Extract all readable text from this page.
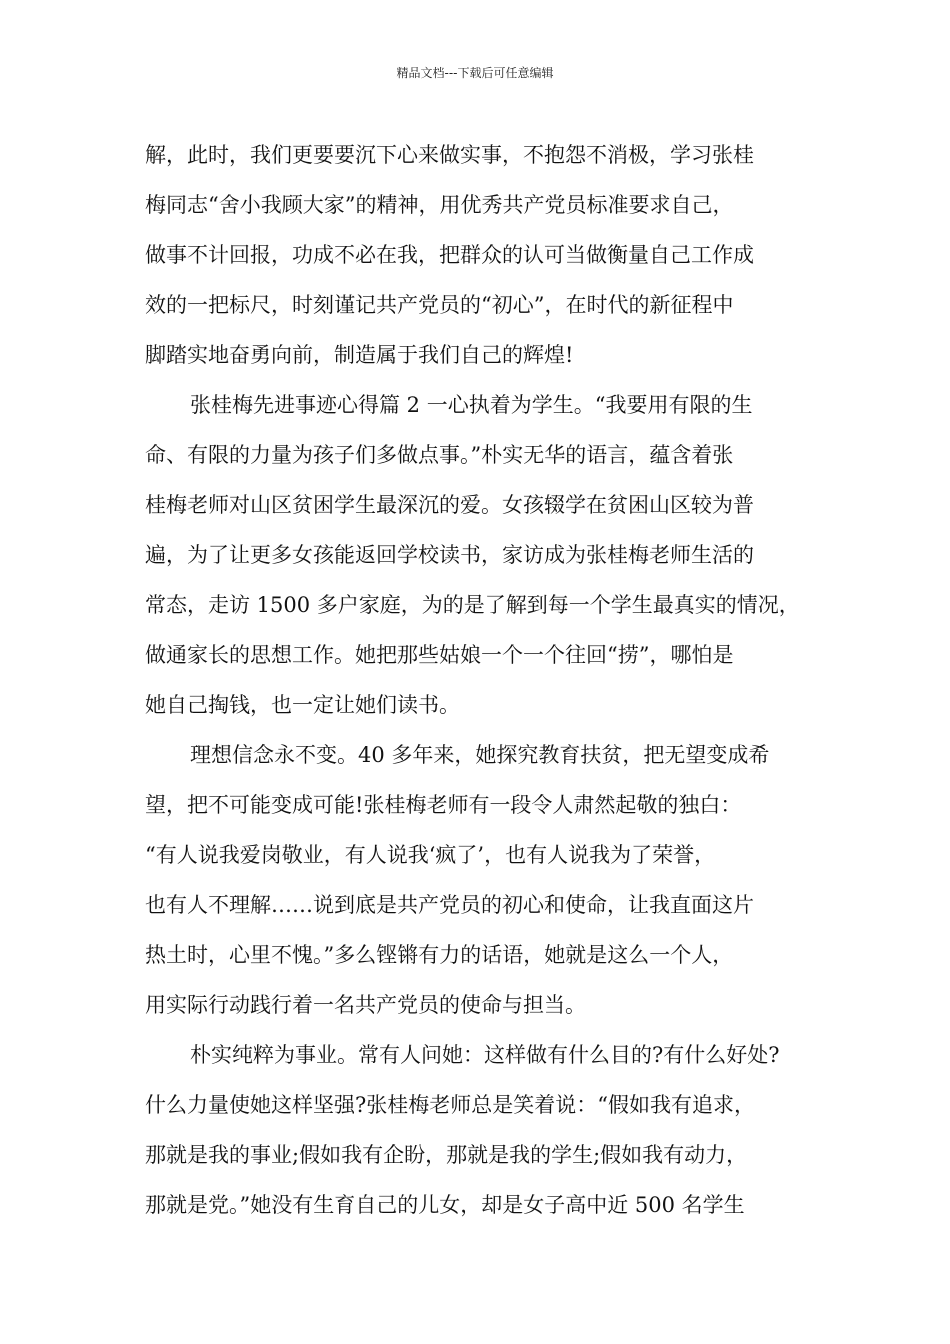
精品文档---下载后可任意编辑
解，此时，我们更要要沉下心来做实事，不抱怨不消极，学习张桂
梅同志“舍小我顾大家”的精神，用优秀共产党员标准要求自己，
做事不计回报，功成不必在我，把群众的认可当做衡量自己工作成
效的一把标尺，时刻谨记共产党员的“初心”，在时代的新征程中
脚踏实地奋勇向前，制造属于我们自己的辉煌!
张桂梅先进事迹心得篇 2 一心执着为学生。“我要用有限的生
命、有限的力量为孩子们多做点事。”朴实无华的语言，蕴含着张
桂梅老师对山区贫困学生最深沉的爱。女孩辍学在贫困山区较为普
遍，为了让更多女孩能返回学校读书，家访成为张桂梅老师生活的
常态，走访 1500 多户家庭，为的是了解到每一个学生最真实的情况，
做通家长的思想工作。她把那些姑娘一个一个往回“捞”，哪怕是
她自己掏钱，也一定让她们读书。
理想信念永不变。40 多年来，她探究教育扶贫，把无望变成希
望，把不可能变成可能!张桂梅老师有一段令人肃然起敬的独白：
“有人说我爱岗敬业，有人说我‘疯了’，也有人说我为了荣誉，
也有人不理解……说到底是共产党员的初心和使命，让我直面这片
热土时，心里不愧。”多么铿锵有力的话语，她就是这么一个人，
用实际行动践行着一名共产党员的使命与担当。
朴实纯粹为事业。常有人问她：这样做有什么目的?有什么好处?
什么力量使她这样坚强?张桂梅老师总是笑着说：“假如我有追求，
那就是我的事业;假如我有企盼，那就是我的学生;假如我有动力，
那就是党。”她没有生育自己的儿女，却是女子高中近 500 名学生
